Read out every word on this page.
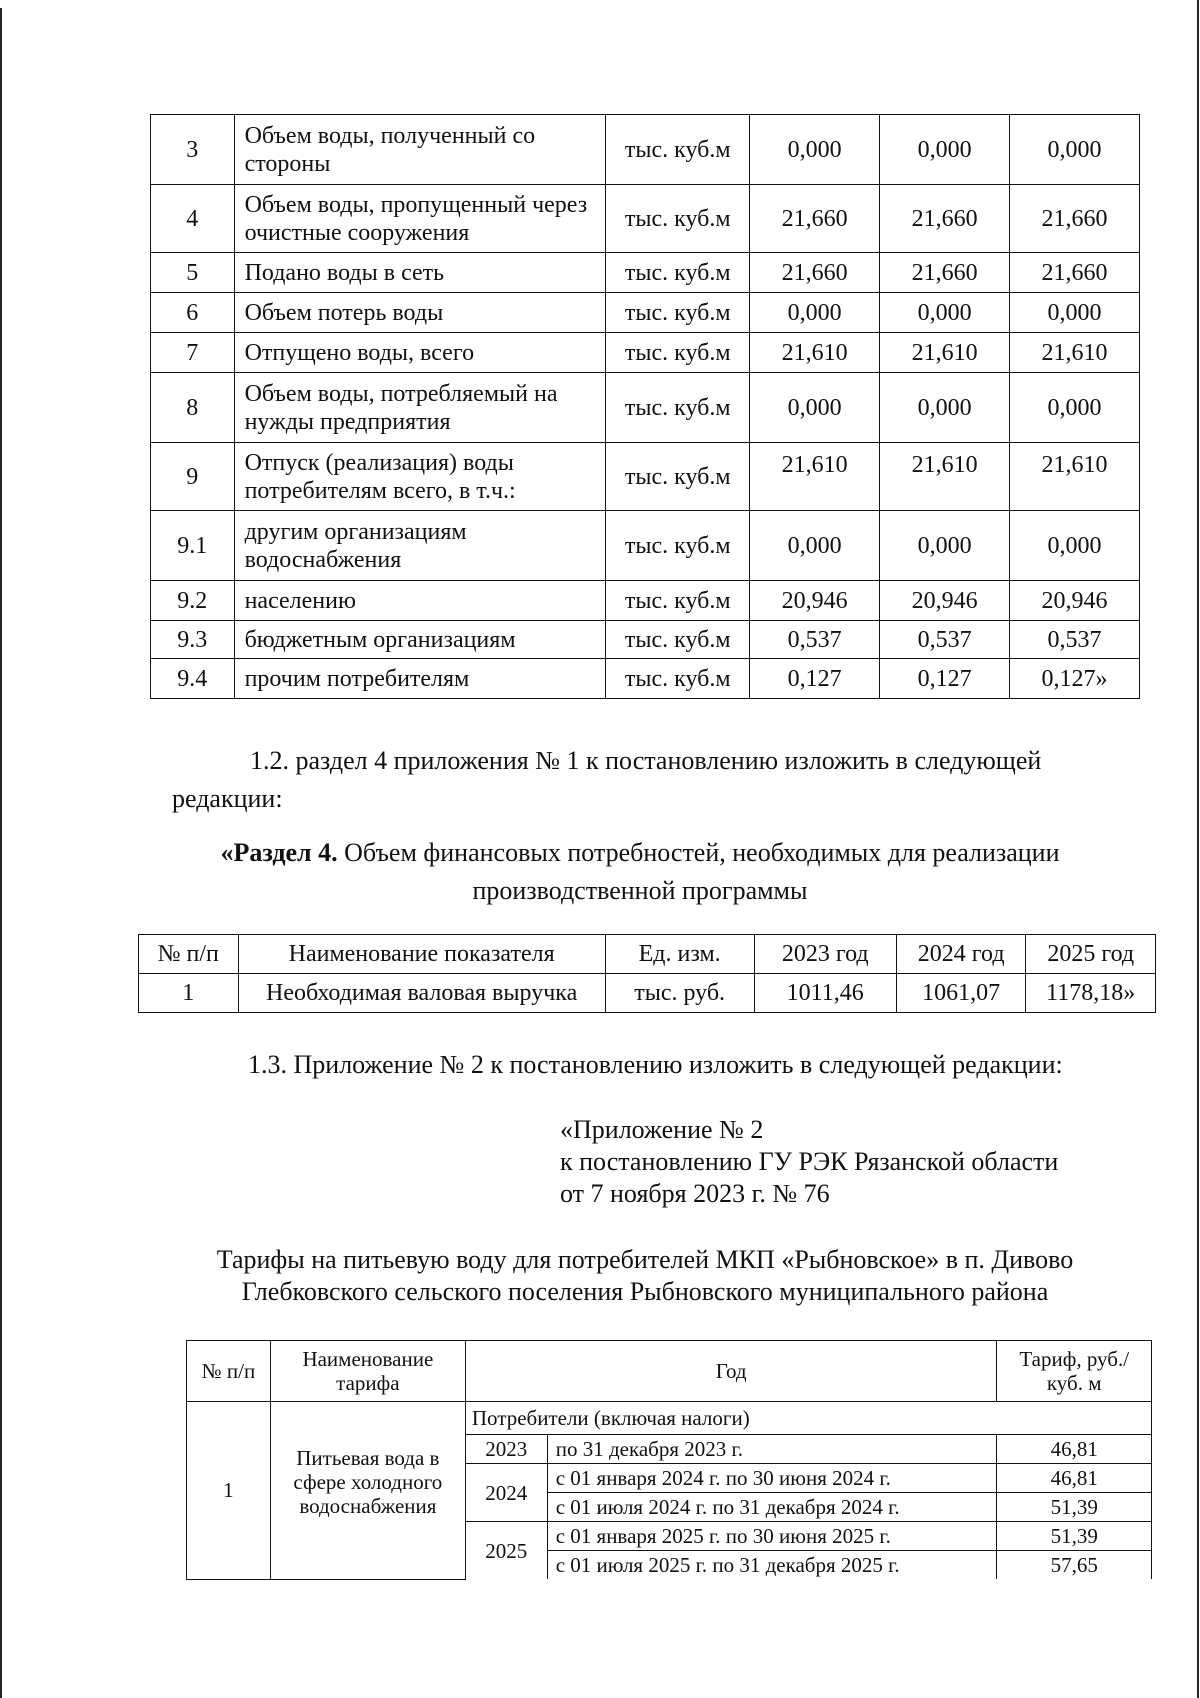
3	Объем воды, полученный со стороны	тыс. куб.м	0,000	0,000	0,000
4	Объем воды, пропущенный через очистные сооружения	тыс. куб.м	21,660	21,660	21,660
5	Подано воды в сеть	тыс. куб.м	21,660	21,660	21,660
6	Объем потерь воды	тыс. куб.м	0,000	0,000	0,000
7	Отпущено воды, всего	тыс. куб.м	21,610	21,610	21,610
8	Объем воды, потребляемый на нужды предприятия	тыс. куб.м	0,000	0,000	0,000
9	Отпуск (реализация) воды потребителям всего, в т.ч.:	тыс. куб.м	21,610	21,610	21,610
9.1	другим организациям водоснабжения	тыс. куб.м	0,000	0,000	0,000
9.2	населению	тыс. куб.м	20,946	20,946	20,946
9.3	бюджетным организациям	тыс. куб.м	0,537	0,537	0,537
9.4	прочим потребителям	тыс. куб.м	0,127	0,127	0,127»
1.2. раздел 4 приложения № 1 к постановлению изложить в следующей редакции:
«Раздел 4. Объем финансовых потребностей, необходимых для реализации производственной программы
№ п/п	Наименование показателя	Ед. изм.	2023 год	2024 год	2025 год
1	Необходимая валовая выручка	тыс. руб.	1011,46	1061,07	1178,18»
1.3. Приложение № 2 к постановлению изложить в следующей редакции:
«Приложение № 2
к постановлению ГУ РЭК Рязанской области
от 7 ноября 2023 г. № 76
Тарифы на питьевую воду для потребителей МКП «Рыбновское» в п. Дивово
Глебковского сельского поселения Рыбновского муниципального района
№ п/п	Наименование тарифа	Год		Тариф, руб./куб. м
1	Питьевая вода в сфере холодного водоснабжения	Потребители (включая налоги)		
		2023	по 31 декабря 2023 г.	46,81
		2024	с 01 января 2024 г. по 30 июня 2024 г.	46,81
			с 01 июля 2024 г. по 31 декабря 2024 г.	51,39
		2025	с 01 января 2025 г. по 30 июня 2025 г.	51,39
			с 01 июля 2025 г. по 31 декабря 2025 г.	57,65
